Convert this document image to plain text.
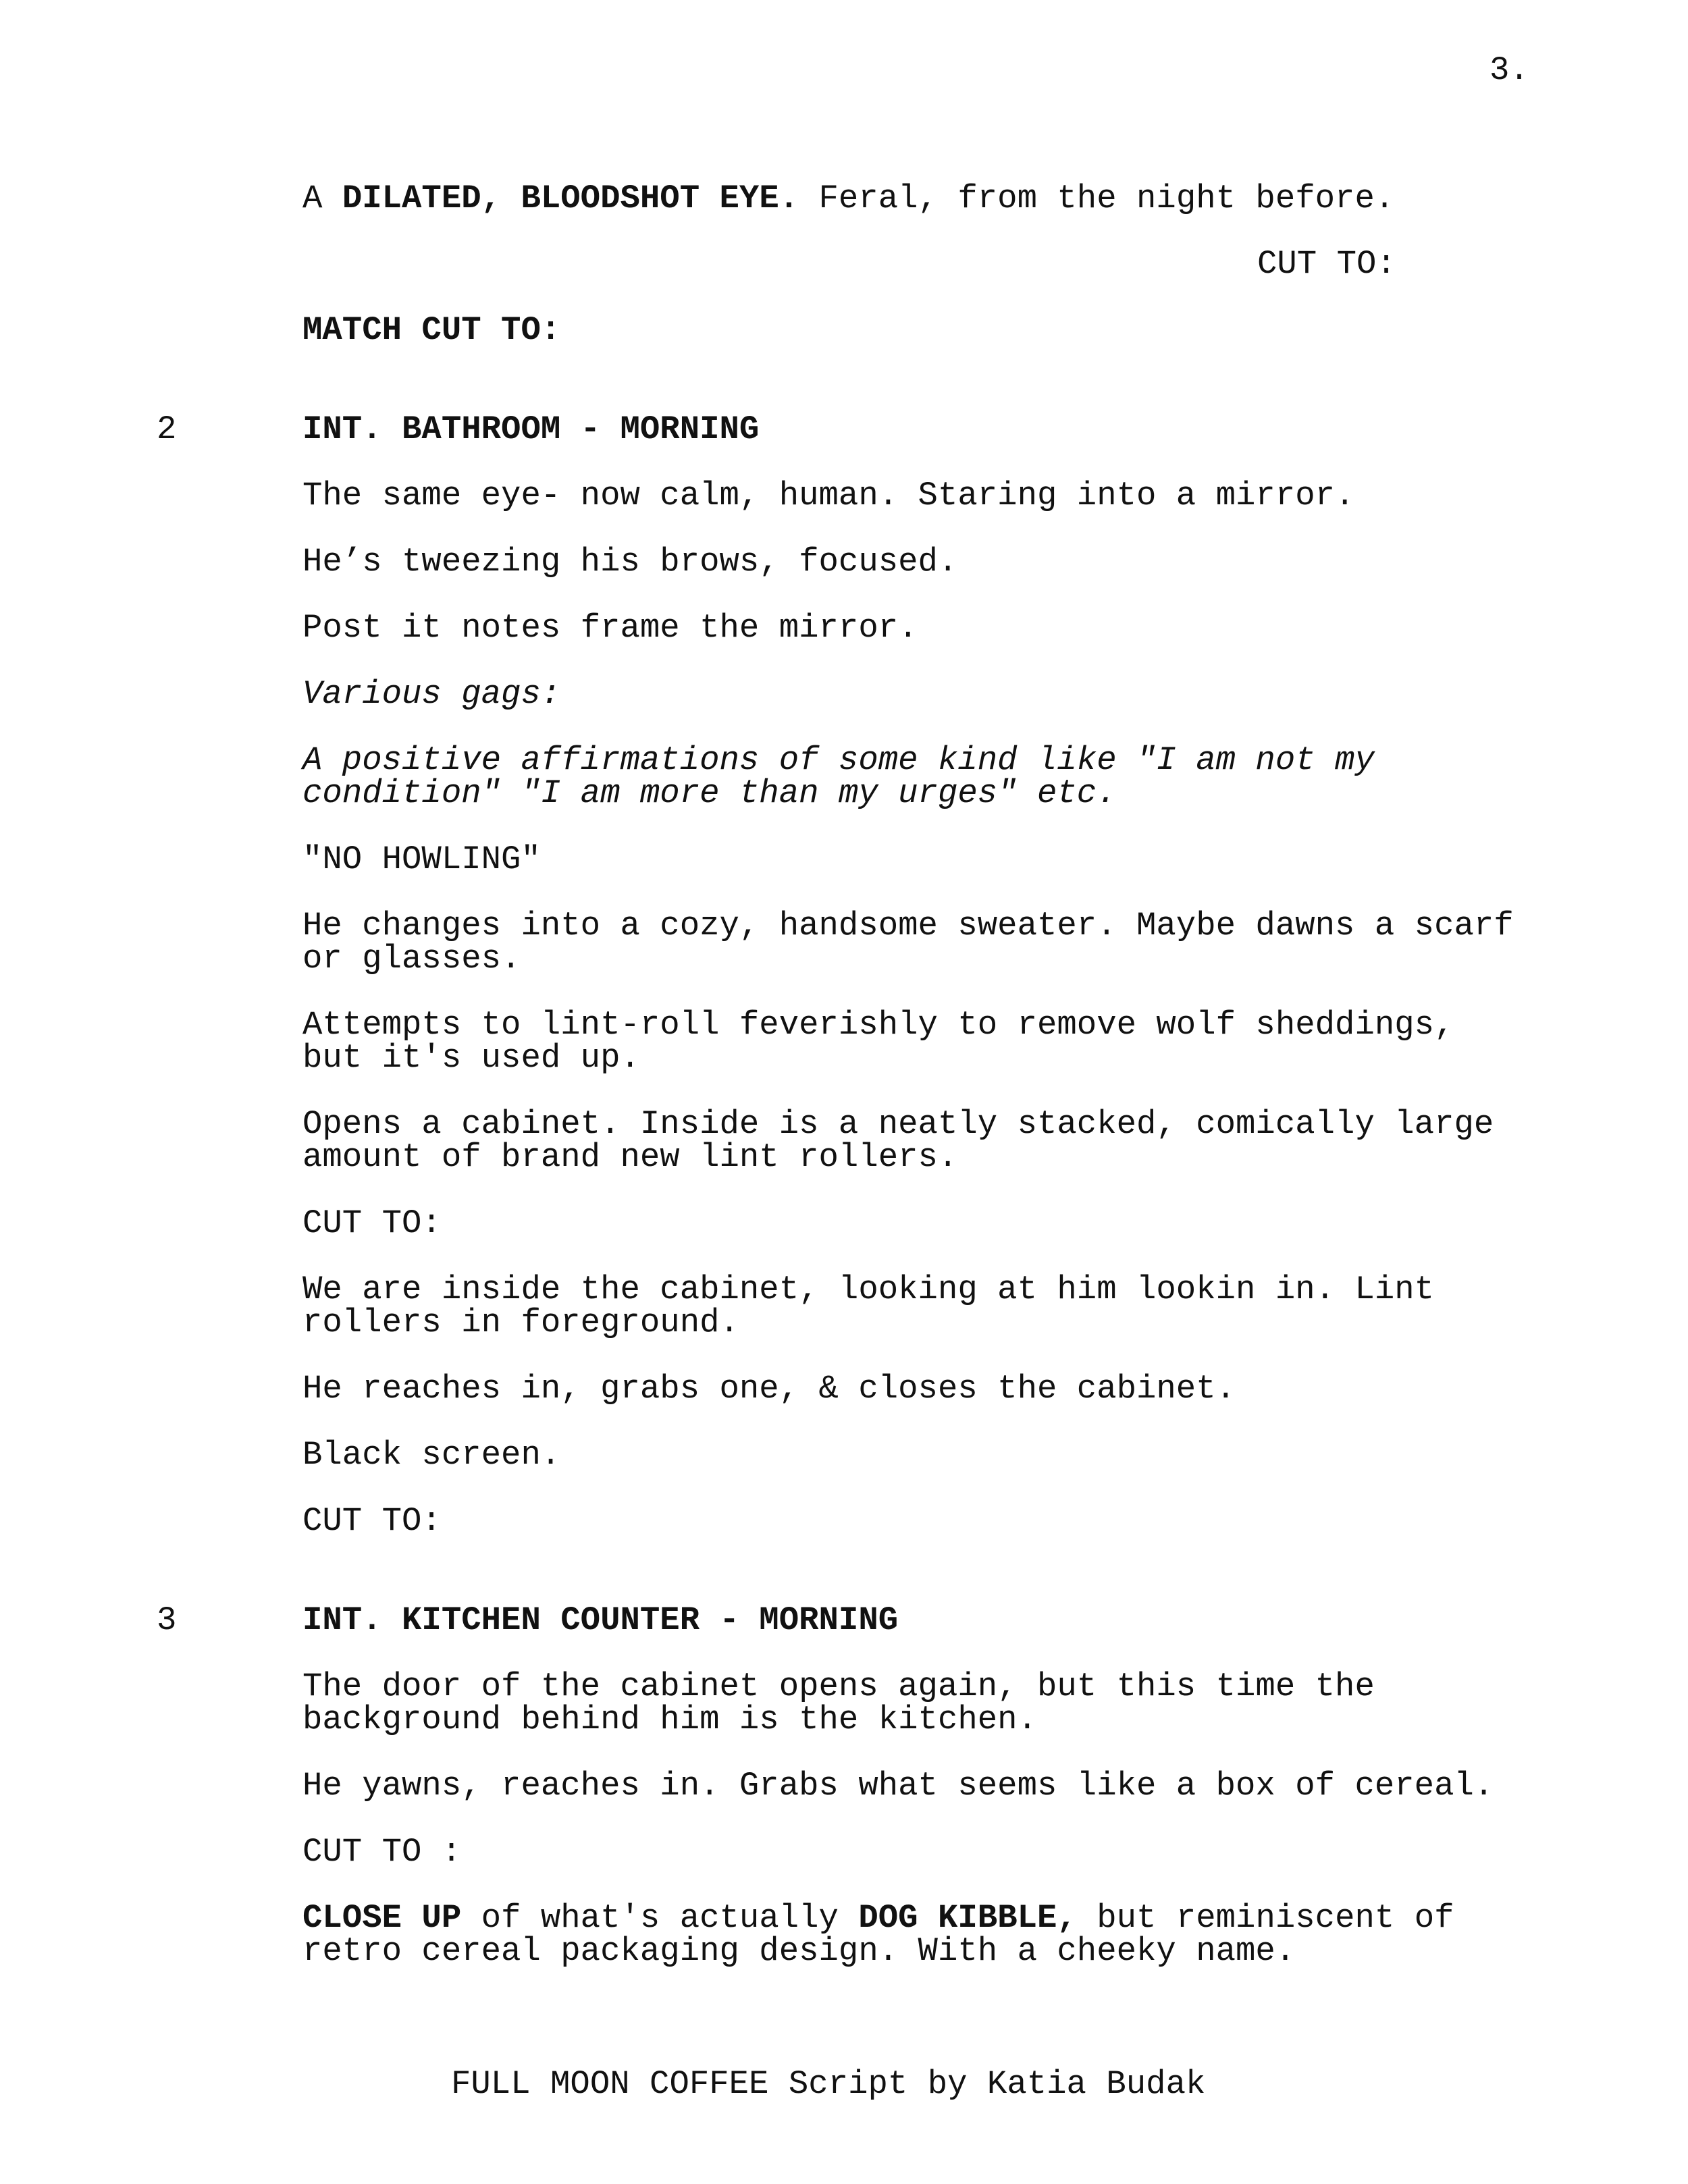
3.
A DILATED, BLOODSHOT EYE. Feral, from the night before.
CUT TO:
MATCH CUT TO:
2	INT. BATHROOM - MORNING
The same eye- now calm, human. Staring into a mirror.
He’s tweezing his brows, focused.
Post it notes frame the mirror.
Various gags:
A positive affirmations of some kind like "I am not my
condition" "I am more than my urges" etc.
"NO HOWLING"
He changes into a cozy, handsome sweater. Maybe dawns a scarf
or glasses.
Attempts to lint-roll feverishly to remove wolf sheddings,
but it's used up.
Opens a cabinet. Inside is a neatly stacked, comically large
amount of brand new lint rollers.
CUT TO:
We are inside the cabinet, looking at him lookin in. Lint
rollers in foreground.
He reaches in, grabs one, & closes the cabinet.
Black screen.
CUT TO:
3	INT. KITCHEN COUNTER - MORNING
The door of the cabinet opens again, but this time the
background behind him is the kitchen.
He yawns, reaches in. Grabs what seems like a box of cereal.
CUT TO :
CLOSE UP of what's actually DOG KIBBLE, but reminiscent of
retro cereal packaging design. With a cheeky name.
FULL MOON COFFEE Script by Katia Budak
